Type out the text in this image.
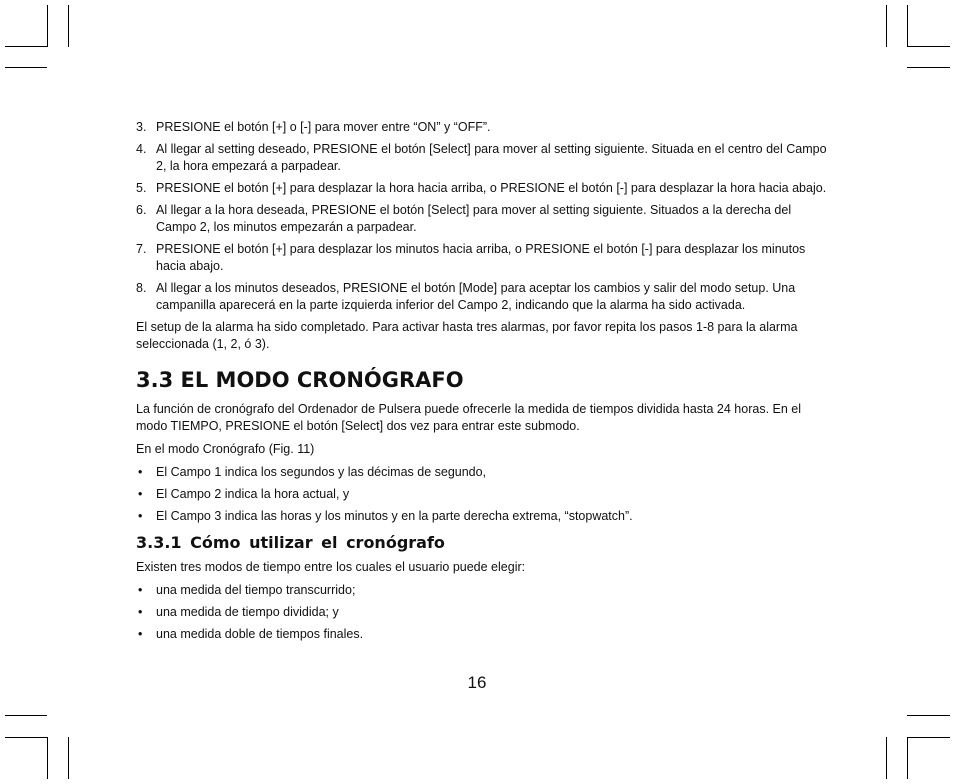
3. PRESIONE el botón [+] o [-] para mover entre “ON” y “OFF”.
4. Al llegar al setting deseado, PRESIONE el botón [Select] para mover al setting siguiente. Situada en el centro del Campo 2, la hora empezará a parpadear.
5. PRESIONE el botón [+] para desplazar la hora hacia arriba, o PRESIONE el botón [-] para desplazar la hora hacia abajo.
6. Al llegar a la hora deseada, PRESIONE el botón [Select] para mover al setting siguiente. Situados a la derecha del Campo 2, los minutos empezarán a parpadear.
7. PRESIONE el botón [+] para desplazar los minutos hacia arriba, o PRESIONE el botón [-] para desplazar los minutos hacia abajo.
8. Al llegar a los minutos deseados, PRESIONE el botón [Mode] para aceptar los cambios y salir del modo setup. Una campanilla aparecerá en la parte izquierda inferior del Campo 2, indicando que la alarma ha sido activada.

El setup de la alarma ha sido completado. Para activar hasta tres alarmas, por favor repita los pasos 1-8 para la alarma seleccionada (1, 2, ó 3).

3.3 EL MODO CRONÓGRAFO

La función de cronógrafo del Ordenador de Pulsera puede ofrecerle la medida de tiempos dividida hasta 24 horas. En el modo TIEMPO, PRESIONE el botón [Select] dos vez para entrar este submodo.

En el modo Cronógrafo (Fig. 11)

•	El Campo 1 indica los segundos y las décimas de segundo,
•	El Campo 2 indica la hora actual, y
•	El Campo 3 indica las horas y los minutos y en la parte derecha extrema, “stopwatch”.
3.3.1 Cómo utilizar el cronógrafo

Existen tres modos de tiempo entre los cuales el usuario puede elegir:

•	una medida del tiempo transcurrido;
•	una medida de tiempo dividida; y
•	una medida doble de tiempos finales.
16
